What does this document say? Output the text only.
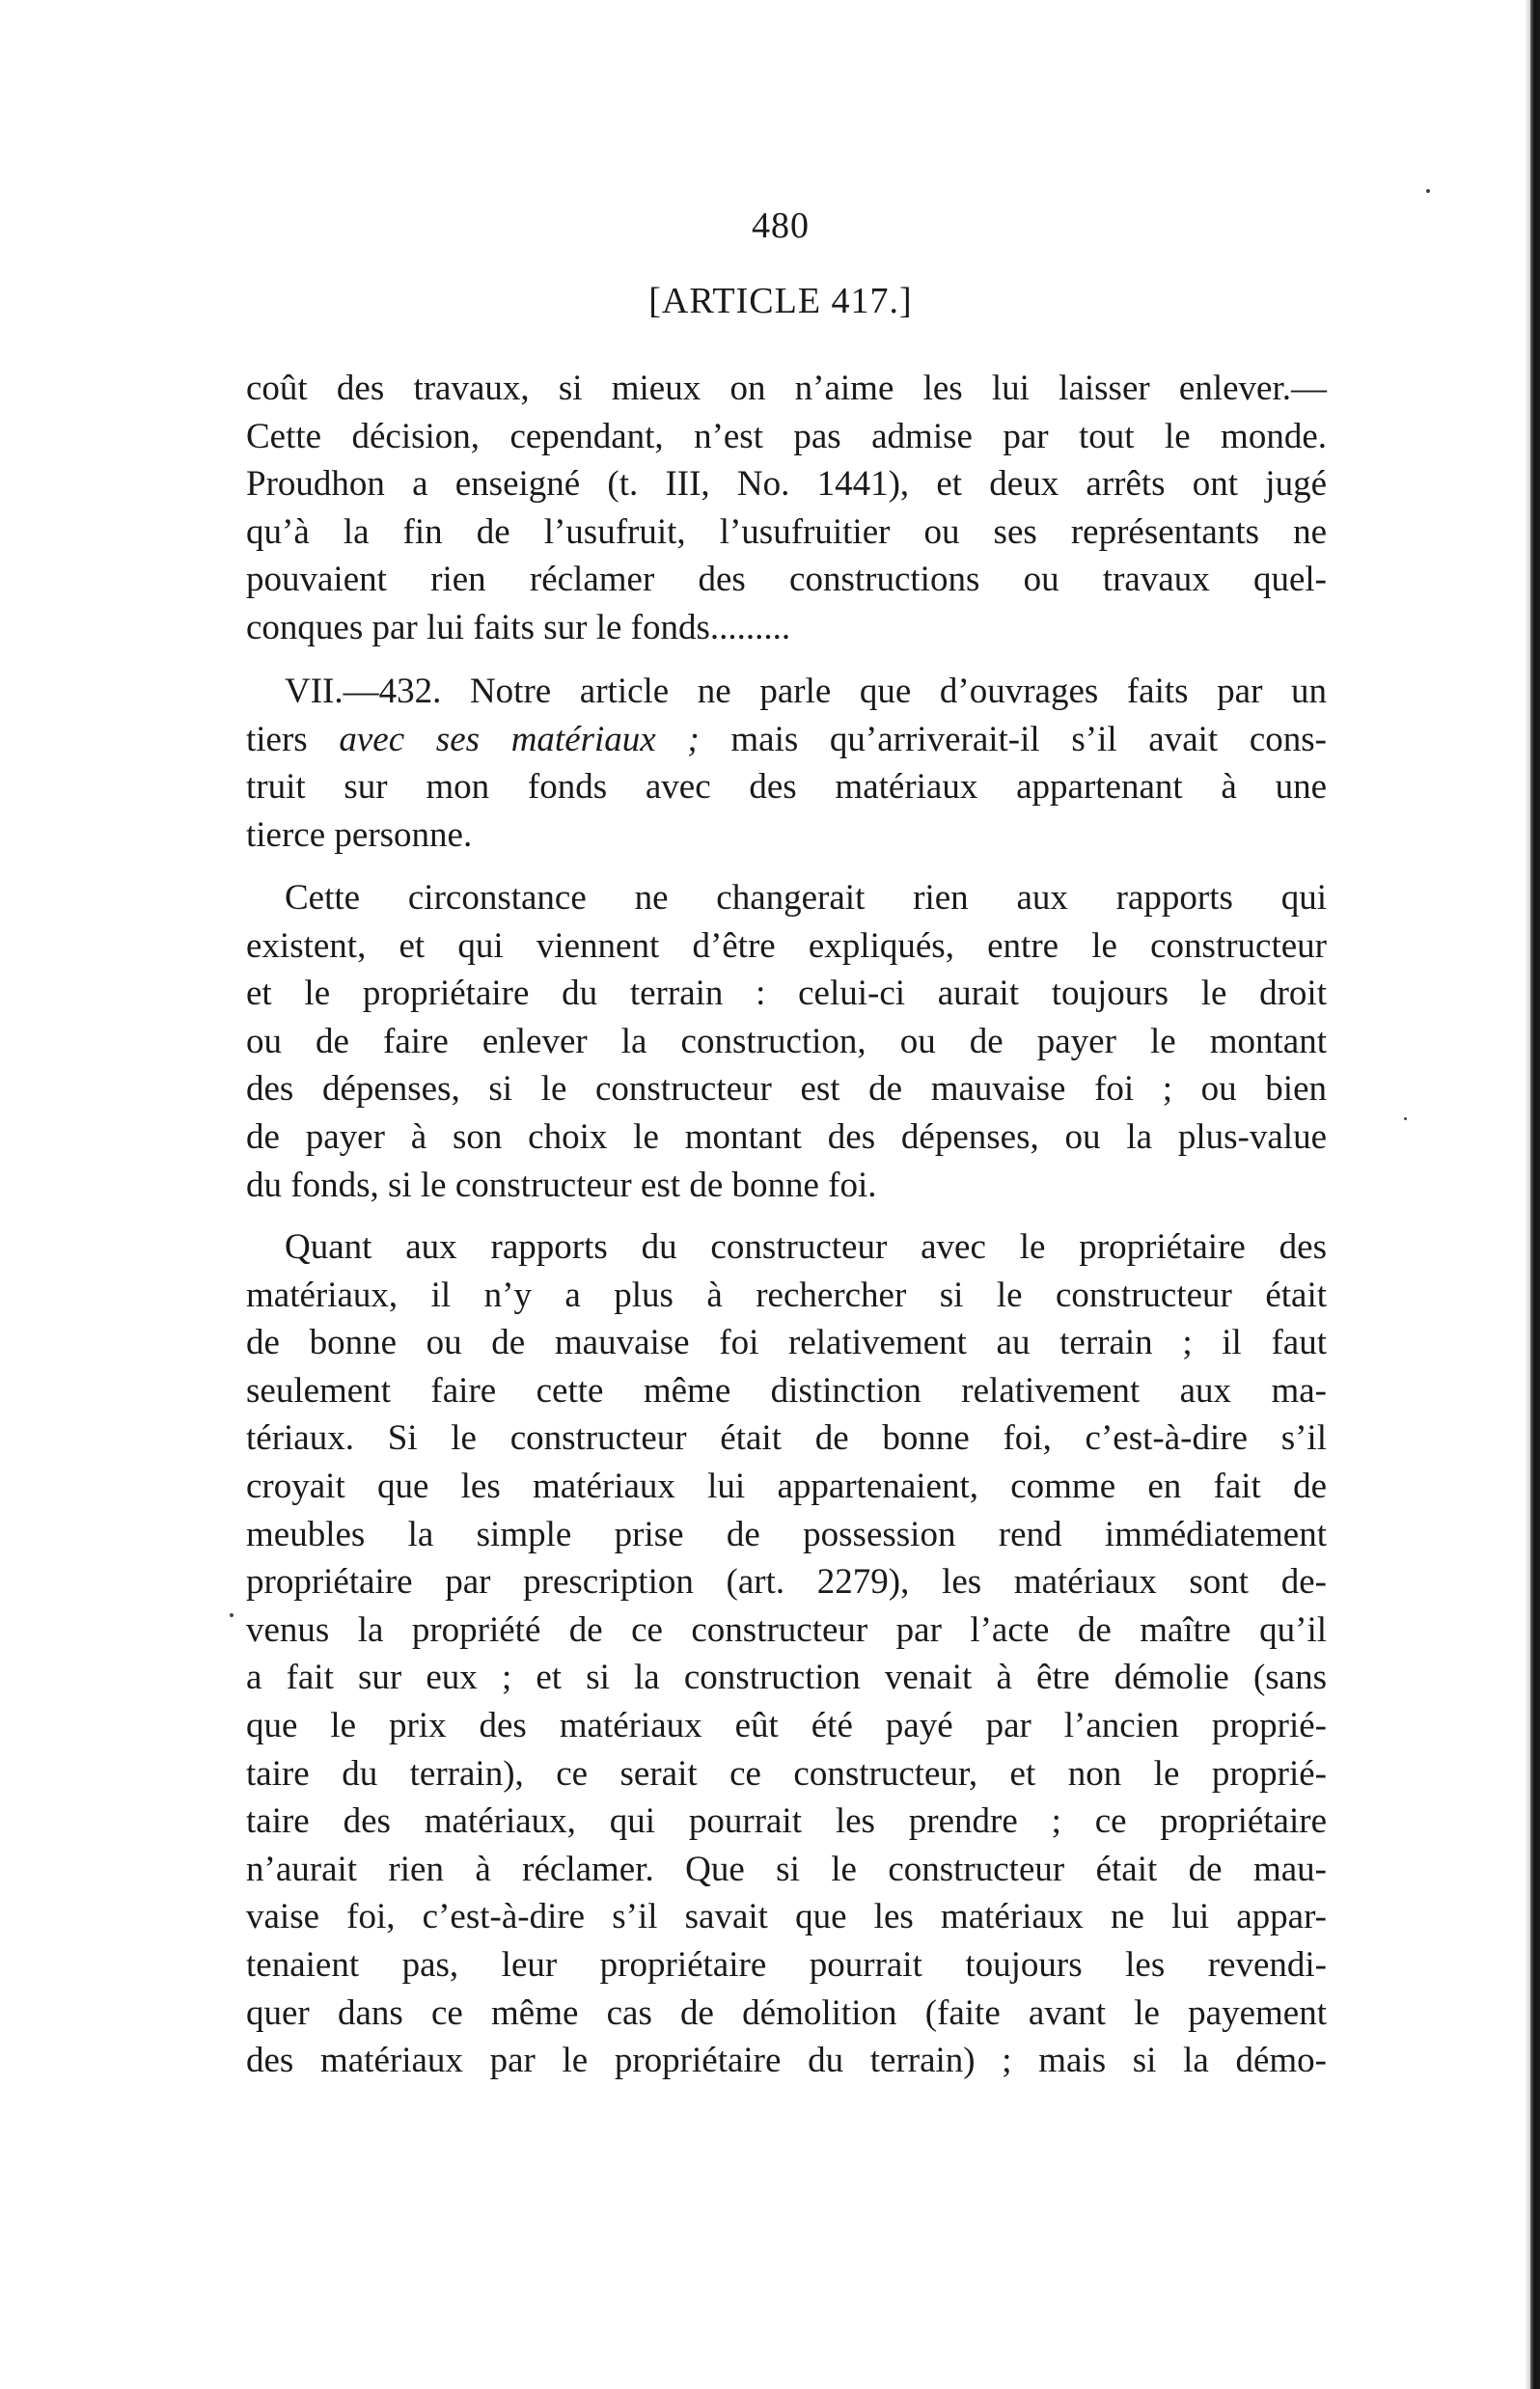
480
[ARTICLE 417.]
coût des travaux, si mieux on n’aime les lui laisser enlever.—
Cette décision, cependant, n’est pas admise par tout le monde.
Proudhon a enseigné (t. III, No. 1441), et deux arrêts ont jugé
qu’à la fin de l’usufruit, l’usufruitier ou ses représentants ne
pouvaient rien réclamer des constructions ou travaux quel-
conques par lui faits sur le fonds.........
VII.—432. Notre article ne parle que d’ouvrages faits par un
tiers avec ses matériaux ; mais qu’arriverait-il s’il avait cons-
truit sur mon fonds avec des matériaux appartenant à une
tierce personne.
Cette circonstance ne changerait rien aux rapports qui
existent, et qui viennent d’être expliqués, entre le constructeur
et le propriétaire du terrain : celui-ci aurait toujours le droit
ou de faire enlever la construction, ou de payer le montant
des dépenses, si le constructeur est de mauvaise foi ; ou bien
de payer à son choix le montant des dépenses, ou la plus-value
du fonds, si le constructeur est de bonne foi.
Quant aux rapports du constructeur avec le propriétaire des
matériaux, il n’y a plus à rechercher si le constructeur était
de bonne ou de mauvaise foi relativement au terrain ; il faut
seulement faire cette même distinction relativement aux ma-
tériaux. Si le constructeur était de bonne foi, c’est-à-dire s’il
croyait que les matériaux lui appartenaient, comme en fait de
meubles la simple prise de possession rend immédiatement
propriétaire par prescription (art. 2279), les matériaux sont de-
venus la propriété de ce constructeur par l’acte de maître qu’il
a fait sur eux ; et si la construction venait à être démolie (sans
que le prix des matériaux eût été payé par l’ancien proprié-
taire du terrain), ce serait ce constructeur, et non le proprié-
taire des matériaux, qui pourrait les prendre ; ce propriétaire
n’aurait rien à réclamer. Que si le constructeur était de mau-
vaise foi, c’est-à-dire s’il savait que les matériaux ne lui appar-
tenaient pas, leur propriétaire pourrait toujours les revendi-
quer dans ce même cas de démolition (faite avant le payement
des matériaux par le propriétaire du terrain) ; mais si la démo-
